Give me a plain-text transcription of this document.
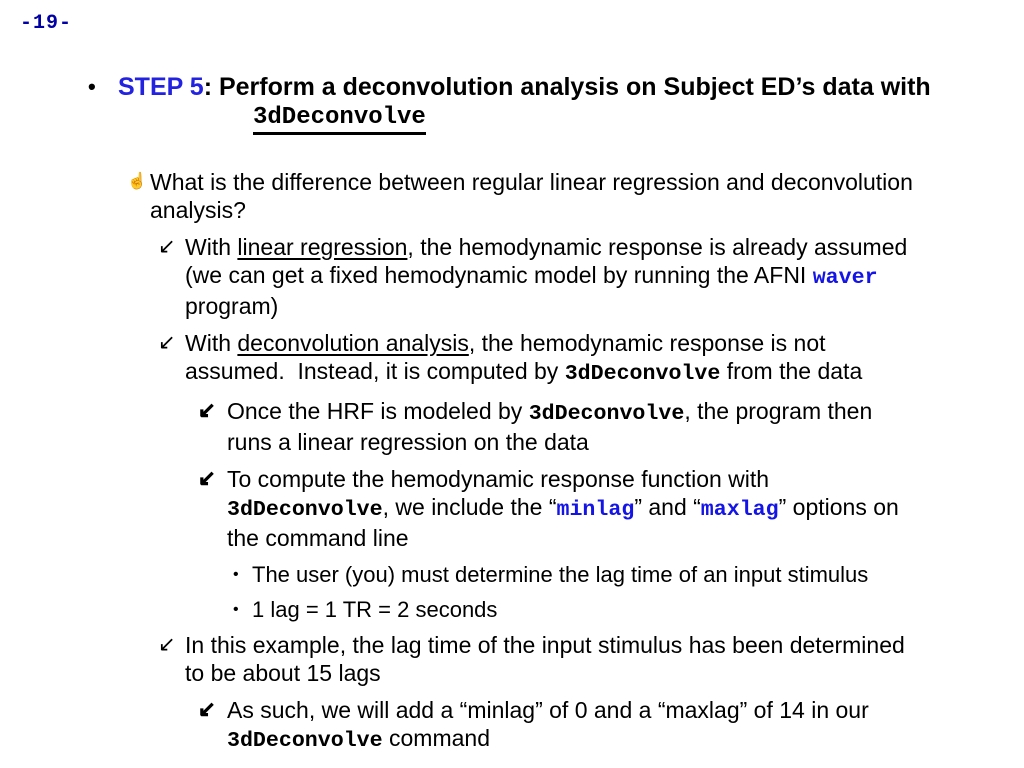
-19-
• STEP 5: Perform a deconvolution analysis on Subject ED’s data with
3dDeconvolve
☝ What is the difference between regular linear regression and deconvolution
analysis?
↙ With linear regression, the hemodynamic response is already assumed
(we can get a fixed hemodynamic model by running the AFNI waver
program)
↙ With deconvolution analysis, the hemodynamic response is not
assumed.  Instead, it is computed by 3dDeconvolve from the data
↙ Once the HRF is modeled by 3dDeconvolve, the program then
runs a linear regression on the data
↙ To compute the hemodynamic response function with
3dDeconvolve, we include the “minlag” and “maxlag” options on
the command line
• The user (you) must determine the lag time of an input stimulus
• 1 lag = 1 TR = 2 seconds
↙ In this example, the lag time of the input stimulus has been determined
to be about 15 lags
↙ As such, we will add a “minlag” of 0 and a “maxlag” of 14 in our
3dDeconvolve command
